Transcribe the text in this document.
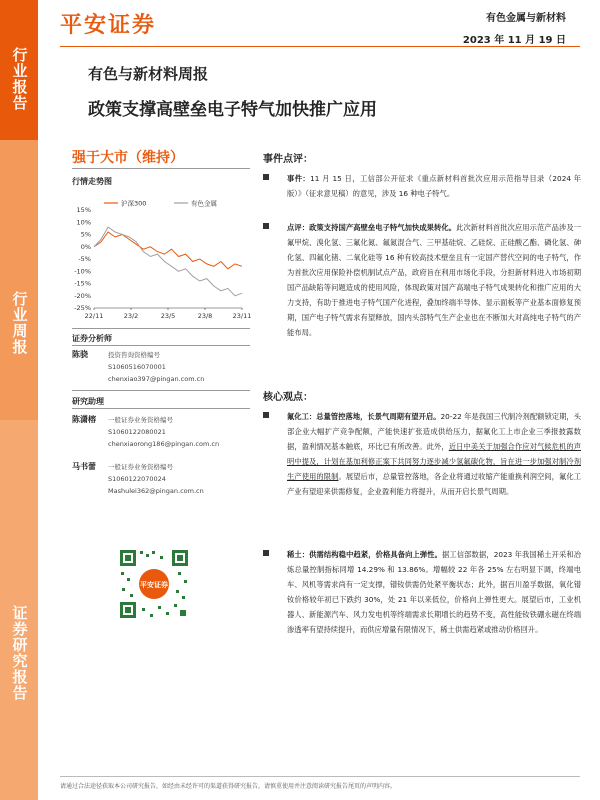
行业报告
行业周报
证券研究报告
平安证券	有色金属与新材料
2023 年 11 月 19 日
有色与新材料周报
政策支撑高壁垒电子特气加快推广应用
强于大市（维持）
行情走势图
沪深300	有色金属
15%
10%
5%
0%
-5%
-10%
-15%
-20%
-25%
22/11	23/2	23/5	23/8	23/11
证券分析师
陈骁	投资咨询资格编号
S1060516070001
chenxiao397@pingan.com.cn
研究助理
陈潇榕 一般证券业务资格编号
S1060122080021
chenxiaorong186@pingan.com.cn
马书蕾 一般证券业务资格编号
S1060122070024
Mashulei362@pingan.com.cn
平安证券
事件点评：
事件：11 月 15 日，工信部公开征求《重点新材料首批次应用示范指导目录（2024 年版）》（征求意见稿）的意见，涉及 16 种电子特气。
点评：政策支持国产高壁垒电子特气加快成果转化。此次新材料首批次应用示范产品涉及一氟甲烷、溴化氢、三氟化氮、氟氮混合气、三甲基硅烷、乙硅烷、正硅酸乙酯、磷化氢、砷化氢、四氟化锗、二氧化硅等 16 种有较高技术壁垒且有一定国产替代空间的电子特气，作为首批次应用保险补偿机制试点产品，政府旨在利用市场化手段，分担新材料进入市场初期国产品缺陷等问题造成的使用风险，体现政策对国产高端电子特气成果转化和推广应用的大力支持，有助于推进电子特气国产化进程，叠加终端半导体、显示面板等产业基本面修复预期，国产电子特气需求有望释放，国内头部特气生产企业也在不断加大对高纯电子特气的产能布局。
核心观点：
氟化工：总量管控落地，长景气周期有望开启。20-22 年是我国三代制冷剂配额锁定期，头部企业大幅扩产竞争配额，产能快速扩张造成供给压力，据氟化工上市企业三季报披露数据，盈利情况基本触底，环比已有所改善。此外，近日中美关于加强合作应对气候危机的声明中提及，计划在基加利修正案下共同努力逐步减少氢氟碳化物，旨在进一步加强对制冷剂生产使用的限制。展望后市，总量管控落地，各企业将通过收缩产能重换利润空间，氟化工产业有望迎来供需修复，企业盈利能力将提升，从而开启长景气周期。
稀土：供需结构稳中趋紧，价格具备向上弹性。据工信部数据，2023 年我国稀土开采和冶炼总量控制指标同增 14.29% 和 13.86%。增幅较 22 年各 25% 左右明显下调，终端电车、风机等需求尚有一定支撑，镨钕供需仍处紧平衡状态；此外，据百川盈孚数据，氧化镨钕价格较年初已下跌约 30%，处 21 年以来低位，价格向上弹性更大。展望后市，工业机器人、新能源汽车、风力发电机等终端需求长期增长的趋势不变，高性能钕铁硼永磁在终端渗透率有望持续提升，而供应增量有限情况下，稀土供需趋紧或推动价格回升。
请通过合法途径获取本公司研究报告，如经由未经许可的渠道获得研究报告，请慎重使用并注意阅读研究报告尾页的声明内容。
